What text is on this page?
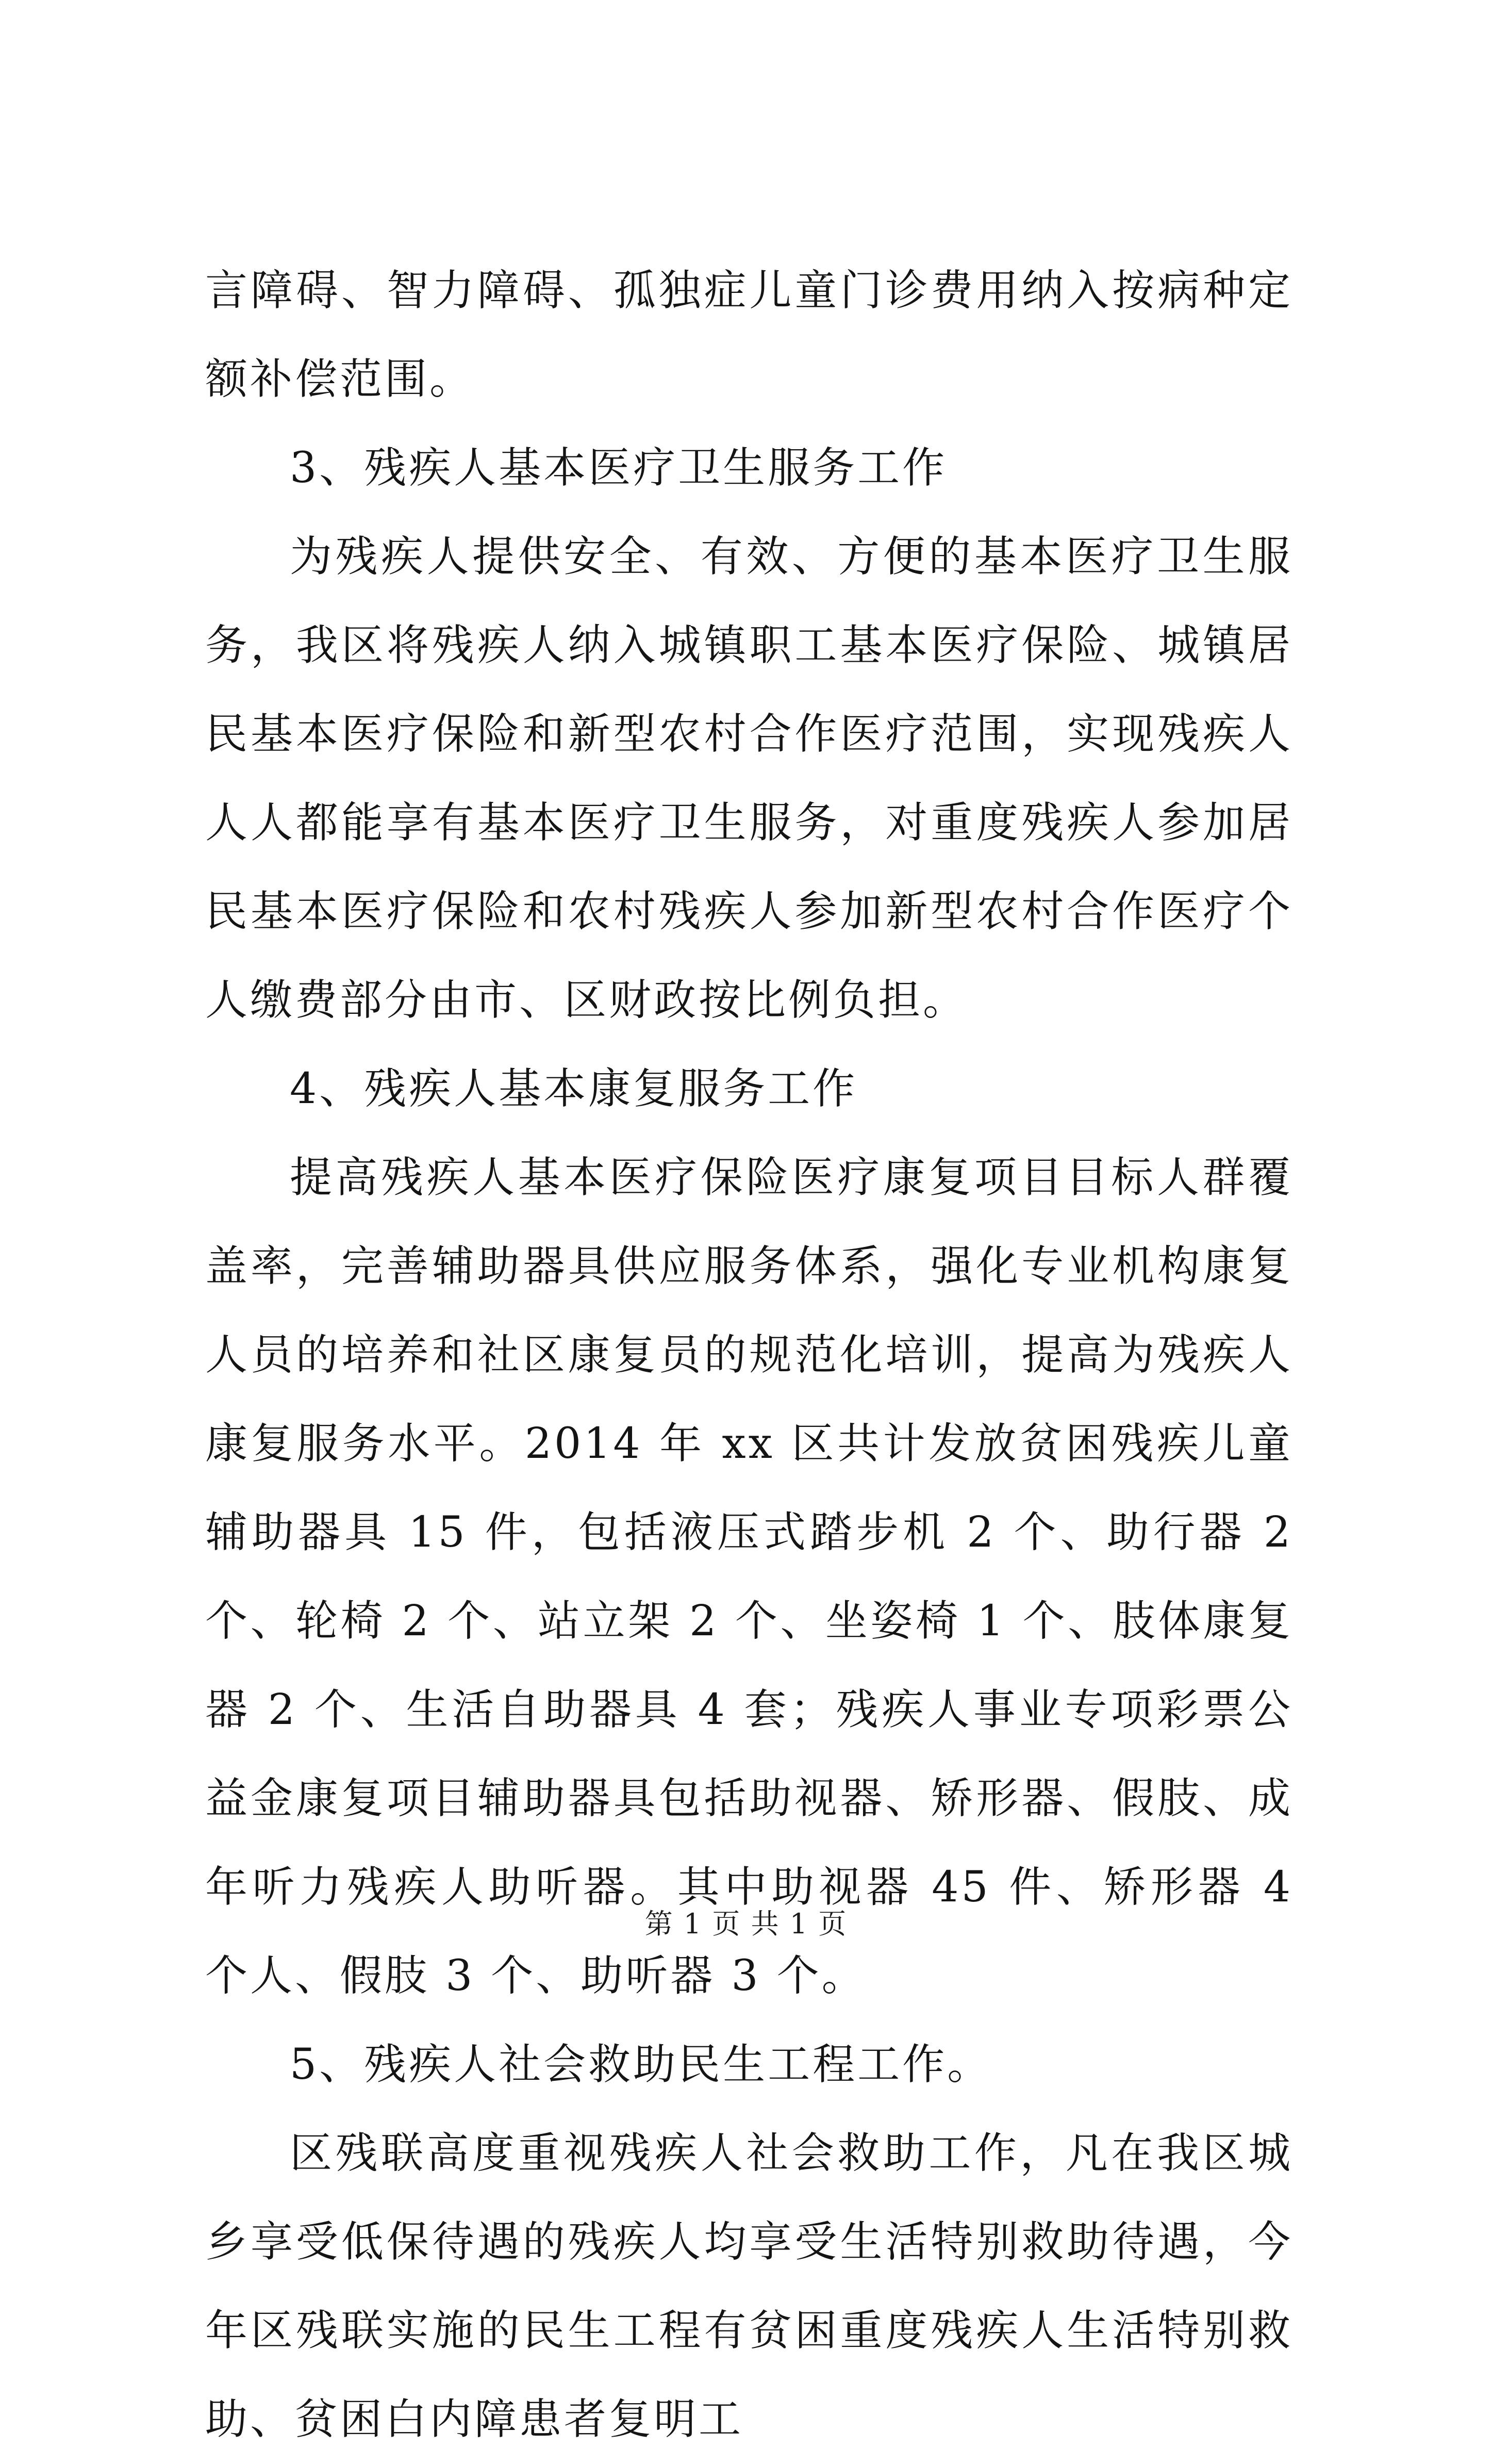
言障碍、智力障碍、孤独症儿童门诊费用纳入按病种定额补偿范围。

3、残疾人基本医疗卫生服务工作

为残疾人提供安全、有效、方便的基本医疗卫生服务，我区将残疾人纳入城镇职工基本医疗保险、城镇居民基本医疗保险和新型农村合作医疗范围，实现残疾人人人都能享有基本医疗卫生服务，对重度残疾人参加居民基本医疗保险和农村残疾人参加新型农村合作医疗个人缴费部分由市、区财政按比例负担。

4、残疾人基本康复服务工作

提高残疾人基本医疗保险医疗康复项目目标人群覆盖率，完善辅助器具供应服务体系，强化专业机构康复人员的培养和社区康复员的规范化培训，提高为残疾人康复服务水平。2014 年 xx 区共计发放贫困残疾儿童辅助器具 15 件，包括液压式踏步机 2 个、助行器 2 个、轮椅 2 个、站立架 2 个、坐姿椅 1 个、肢体康复器 2 个、生活自助器具 4 套；残疾人事业专项彩票公益金康复项目辅助器具包括助视器、矫形器、假肢、成年听力残疾人助听器。其中助视器 45 件、矫形器 4 个人、假肢 3 个、助听器 3 个。

5、残疾人社会救助民生工程工作。

区残联高度重视残疾人社会救助工作，凡在我区城乡享受低保待遇的残疾人均享受生活特别救助待遇，今年区残联实施的民生工程有贫困重度残疾人生活特别救助、贫困白内障患者复明工

第 1 页 共 1 页
